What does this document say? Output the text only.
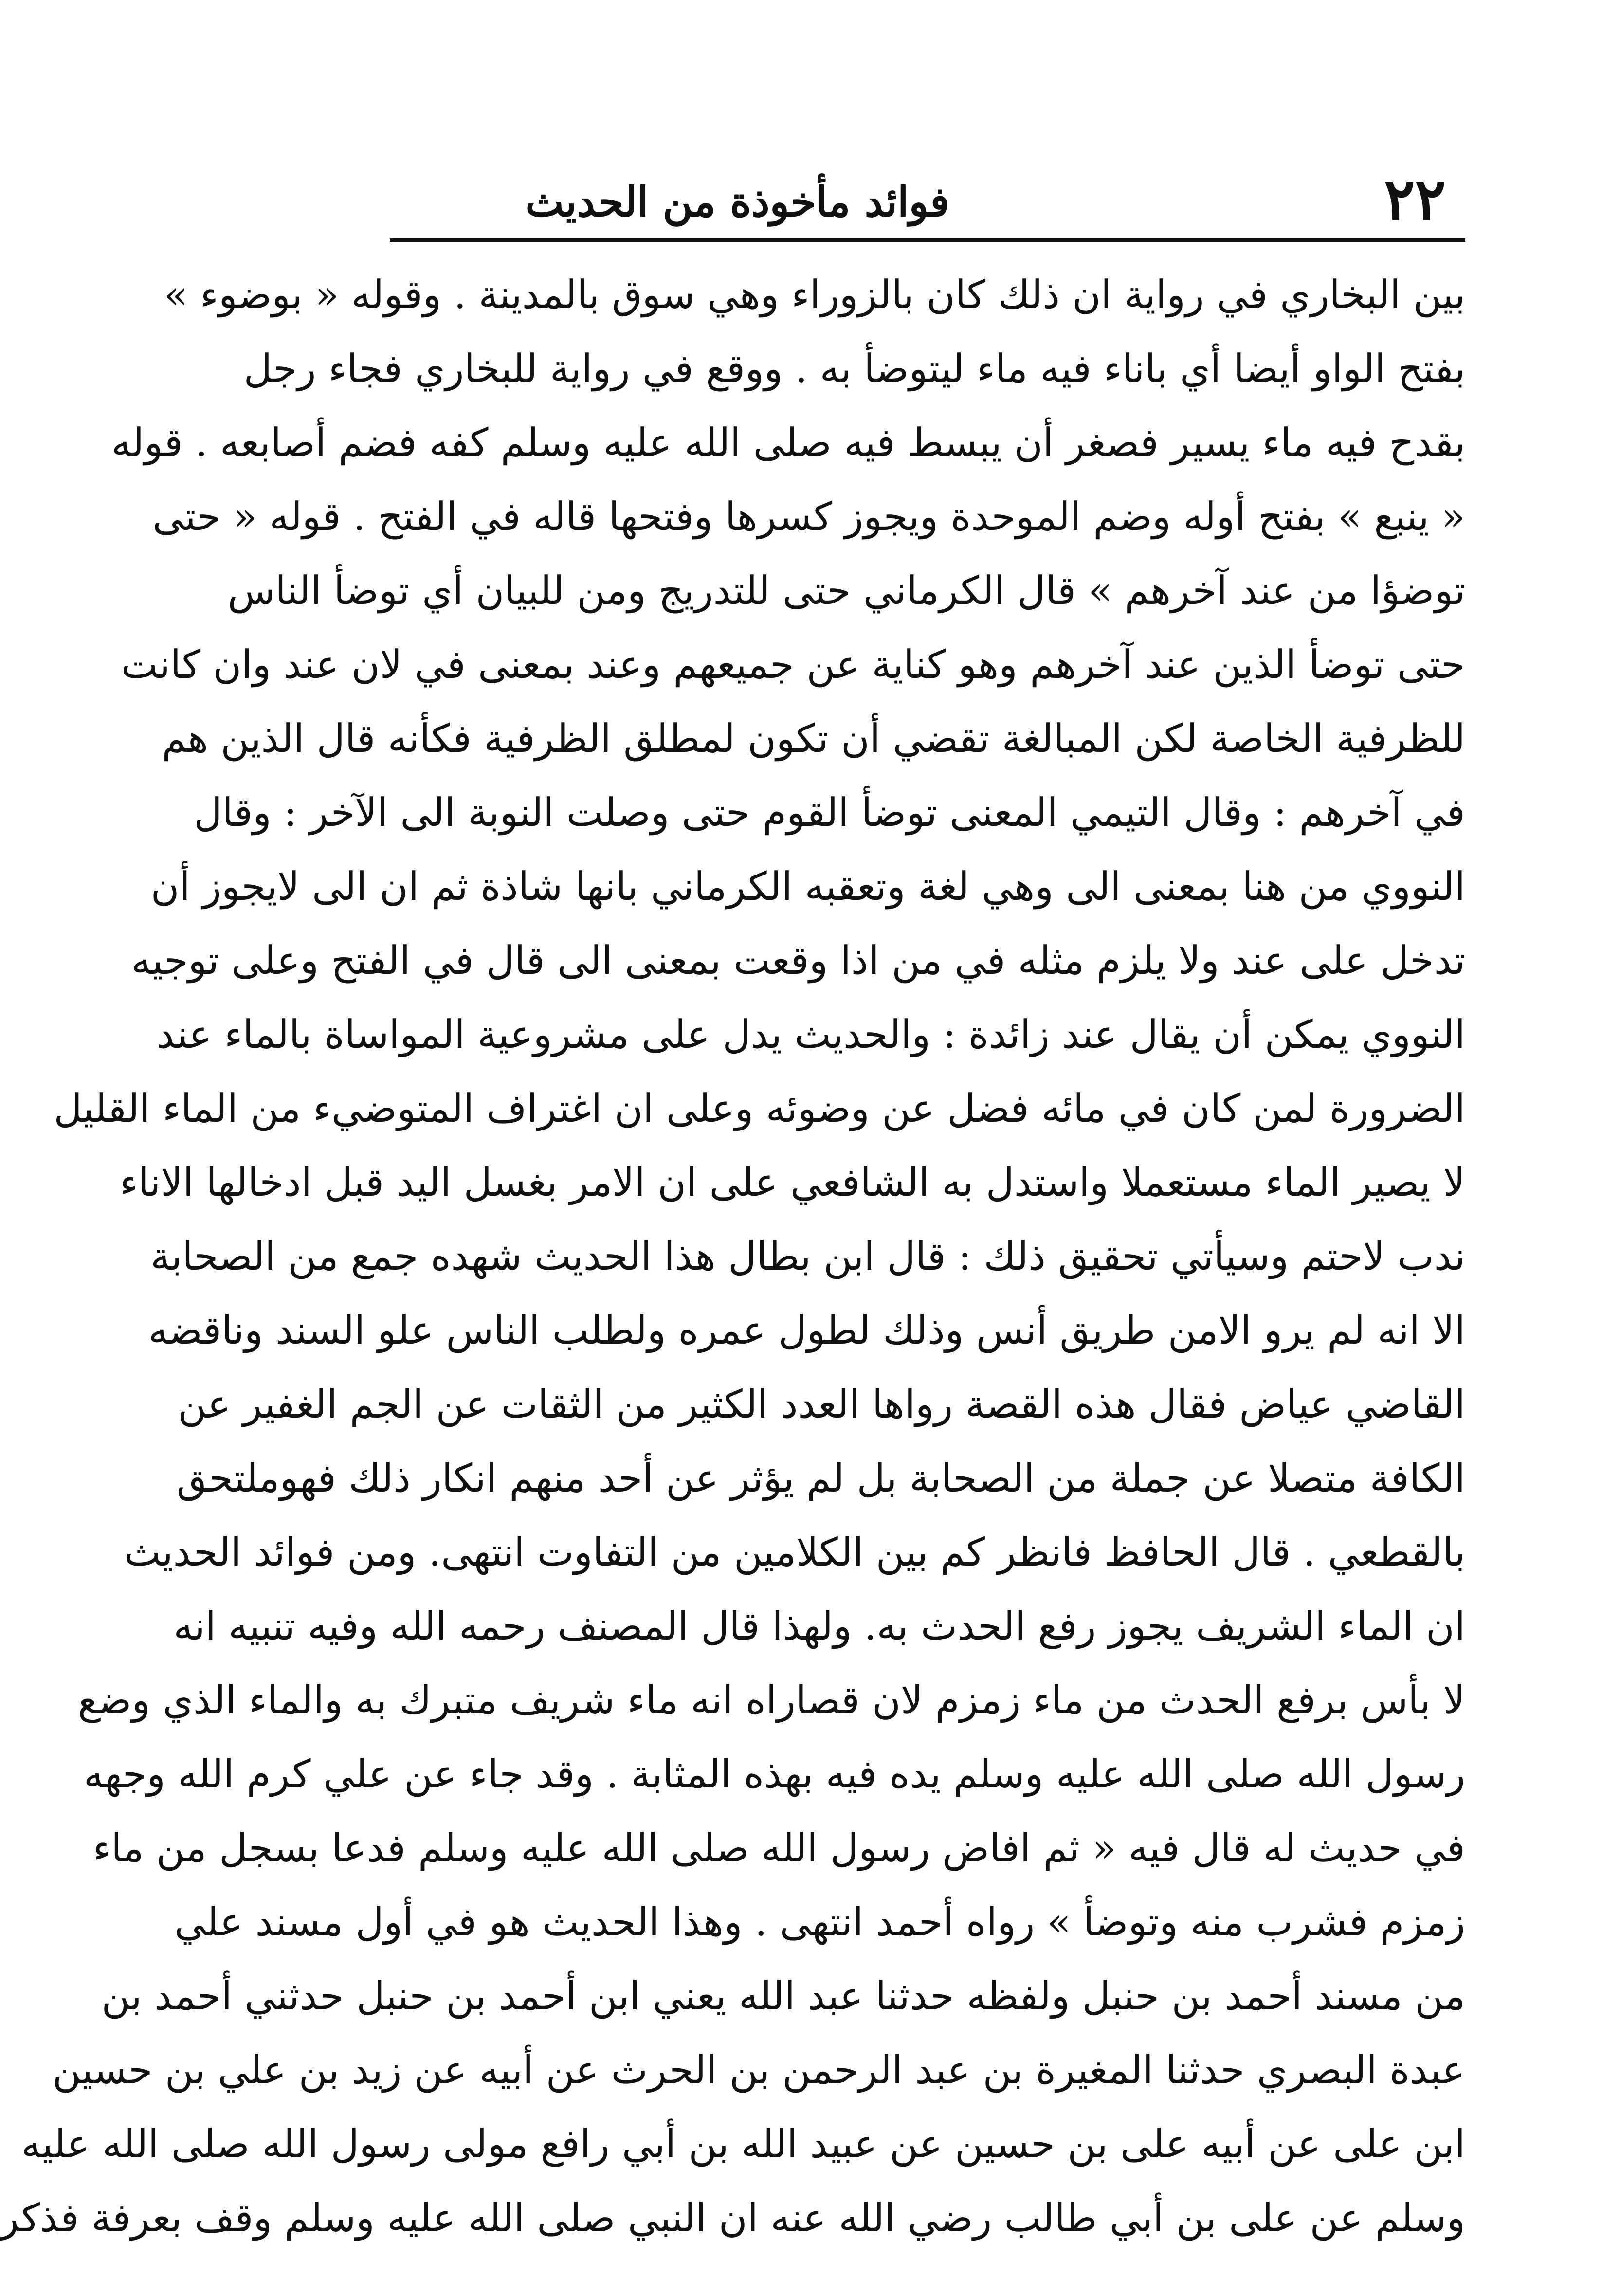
٢٢
فوائد مأخوذة من الحديث
بين البخاري في رواية ان ذلك كان بالزوراء وهي سوق بالمدينة . وقوله « بوضوء »
بفتح الواو أيضا أي باناء فيه ماء ليتوضأ به . ووقع في رواية للبخاري فجاء رجل
بقدح فيه ماء يسير فصغر أن يبسط فيه صلى الله عليه وسلم كفه فضم أصابعه . قوله
« ينبع » بفتح أوله وضم الموحدة ويجوز كسرها وفتحها قاله في الفتح . قوله « حتى
توضؤا من عند آخرهم » قال الكرماني حتى للتدريج ومن للبيان أي توضأ الناس
حتى توضأ الذين عند آخرهم وهو كناية عن جميعهم وعند بمعنى في لان عند وان كانت
للظرفية الخاصة لكن المبالغة تقضي أن تكون لمطلق الظرفية فكأنه قال الذين هم
في آخرهم : وقال التيمي المعنى توضأ القوم حتى وصلت النوبة الى الآخر : وقال
النووي من هنا بمعنى الى وهي لغة وتعقبه الكرماني بانها شاذة ثم ان الى لايجوز أن
تدخل على عند ولا يلزم مثله في من اذا وقعت بمعنى الى قال في الفتح وعلى توجيه
النووي يمكن أن يقال عند زائدة : والحديث يدل على مشروعية المواساة بالماء عند
الضرورة لمن كان في مائه فضل عن وضوئه وعلى ان اغتراف المتوضيء من الماء القليل
لا يصير الماء مستعملا واستدل به الشافعي على ان الامر بغسل اليد قبل ادخالها الاناء
ندب لاحتم وسيأتي تحقيق ذلك : قال ابن بطال هذا الحديث شهده جمع من الصحابة
الا انه لم يرو الامن طريق أنس وذلك لطول عمره ولطلب الناس علو السند وناقضه
القاضي عياض فقال هذه القصة رواها العدد الكثير من الثقات عن الجم الغفير عن
الكافة متصلا عن جملة من الصحابة بل لم يؤثر عن أحد منهم انكار ذلك فهوملتحق
بالقطعي . قال الحافظ فانظر كم بين الكلامين من التفاوت انتهى. ومن فوائد الحديث
ان الماء الشريف يجوز رفع الحدث به. ولهذا قال المصنف رحمه الله وفيه تنبيه انه
لا بأس برفع الحدث من ماء زمزم لان قصاراه انه ماء شريف متبرك به والماء الذي وضع
رسول الله صلى الله عليه وسلم يده فيه بهذه المثابة . وقد جاء عن علي كرم الله وجهه
في حديث له قال فيه « ثم افاض رسول الله صلى الله عليه وسلم فدعا بسجل من ماء
زمزم فشرب منه وتوضأ » رواه أحمد انتهى . وهذا الحديث هو في أول مسند علي
من مسند أحمد بن حنبل ولفظه حدثنا عبد الله يعني ابن أحمد بن حنبل حدثني أحمد بن
عبدة البصري حدثنا المغيرة بن عبد الرحمن بن الحرث عن أبيه عن زيد بن علي بن حسين
ابن على عن أبيه على بن حسين عن عبيد الله بن أبي رافع مولى رسول الله صلى الله عليه
وسلم عن على بن أبي طالب رضي الله عنه ان النبي صلى الله عليه وسلم وقف بعرفة فذكر
